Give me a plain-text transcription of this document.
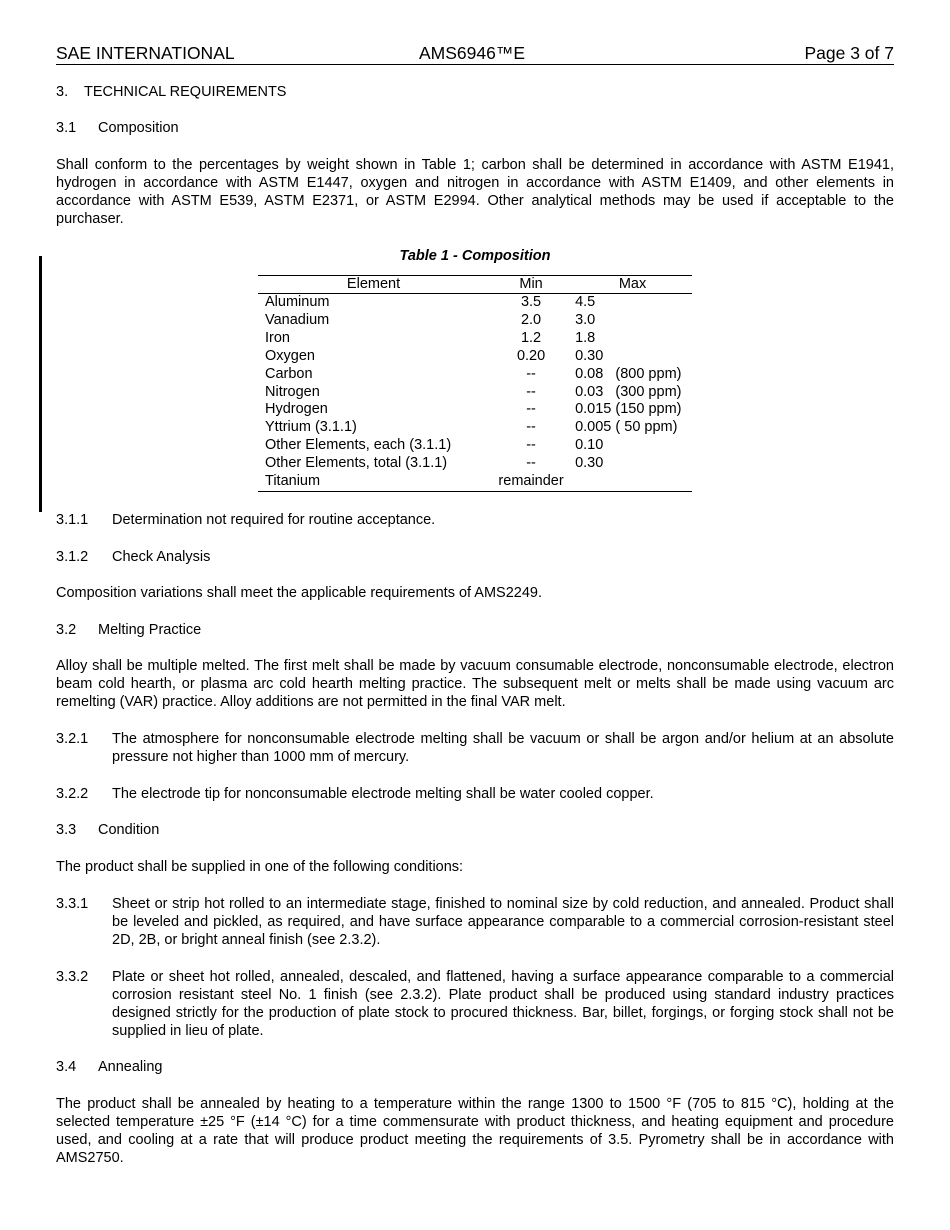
SAE INTERNATIONAL	AMS6946™E	Page 3 of 7
3.	TECHNICAL REQUIREMENTS
3.1	Composition

Shall conform to the percentages by weight shown in Table 1; carbon shall be determined in accordance with ASTM E1941, hydrogen in accordance with ASTM E1447, oxygen and nitrogen in accordance with ASTM E1409, and other elements in accordance with ASTM E539, ASTM E2371, or ASTM E2994. Other analytical methods may be used if acceptable to the purchaser.

Table 1 - Composition
Element	Min	Max
Aluminum	3.5	4.5
Vanadium	2.0	3.0
Iron	1.2	1.8
Oxygen	0.20	0.30
Carbon	--	0.08   (800 ppm)
Nitrogen	--	0.03   (300 ppm)
Hydrogen	--	0.015 (150 ppm)
Yttrium (3.1.1)	--	0.005 ( 50 ppm)
Other Elements, each (3.1.1)	--	0.10
Other Elements, total (3.1.1)	--	0.30
Titanium	remainder	
3.1.1	Determination not required for routine acceptance.
3.1.2	Check Analysis

Composition variations shall meet the applicable requirements of AMS2249.

3.2	Melting Practice

Alloy shall be multiple melted. The first melt shall be made by vacuum consumable electrode, nonconsumable electrode, electron beam cold hearth, or plasma arc cold hearth melting practice. The subsequent melt or melts shall be made using vacuum arc remelting (VAR) practice. Alloy additions are not permitted in the final VAR melt.

3.2.1	The atmosphere for nonconsumable electrode melting shall be vacuum or shall be argon and/or helium at an absolute pressure not higher than 1000 mm of mercury.
3.2.2	The electrode tip for nonconsumable electrode melting shall be water cooled copper.
3.3	Condition

The product shall be supplied in one of the following conditions:

3.3.1	Sheet or strip hot rolled to an intermediate stage, finished to nominal size by cold reduction, and annealed. Product shall be leveled and pickled, as required, and have surface appearance comparable to a commercial corrosion-resistant steel 2D, 2B, or bright anneal finish (see 2.3.2).
3.3.2	Plate or sheet hot rolled, annealed, descaled, and flattened, having a surface appearance comparable to a commercial corrosion resistant steel No. 1 finish (see 2.3.2). Plate product shall be produced using standard industry practices designed strictly for the production of plate stock to procured thickness. Bar, billet, forgings, or forging stock shall not be supplied in lieu of plate.
3.4	Annealing

The product shall be annealed by heating to a temperature within the range 1300 to 1500 °F (705 to 815 °C), holding at the selected temperature ±25 °F (±14 °C) for a time commensurate with product thickness, and heating equipment and procedure used, and cooling at a rate that will produce product meeting the requirements of 3.5. Pyrometry shall be in accordance with AMS2750.
